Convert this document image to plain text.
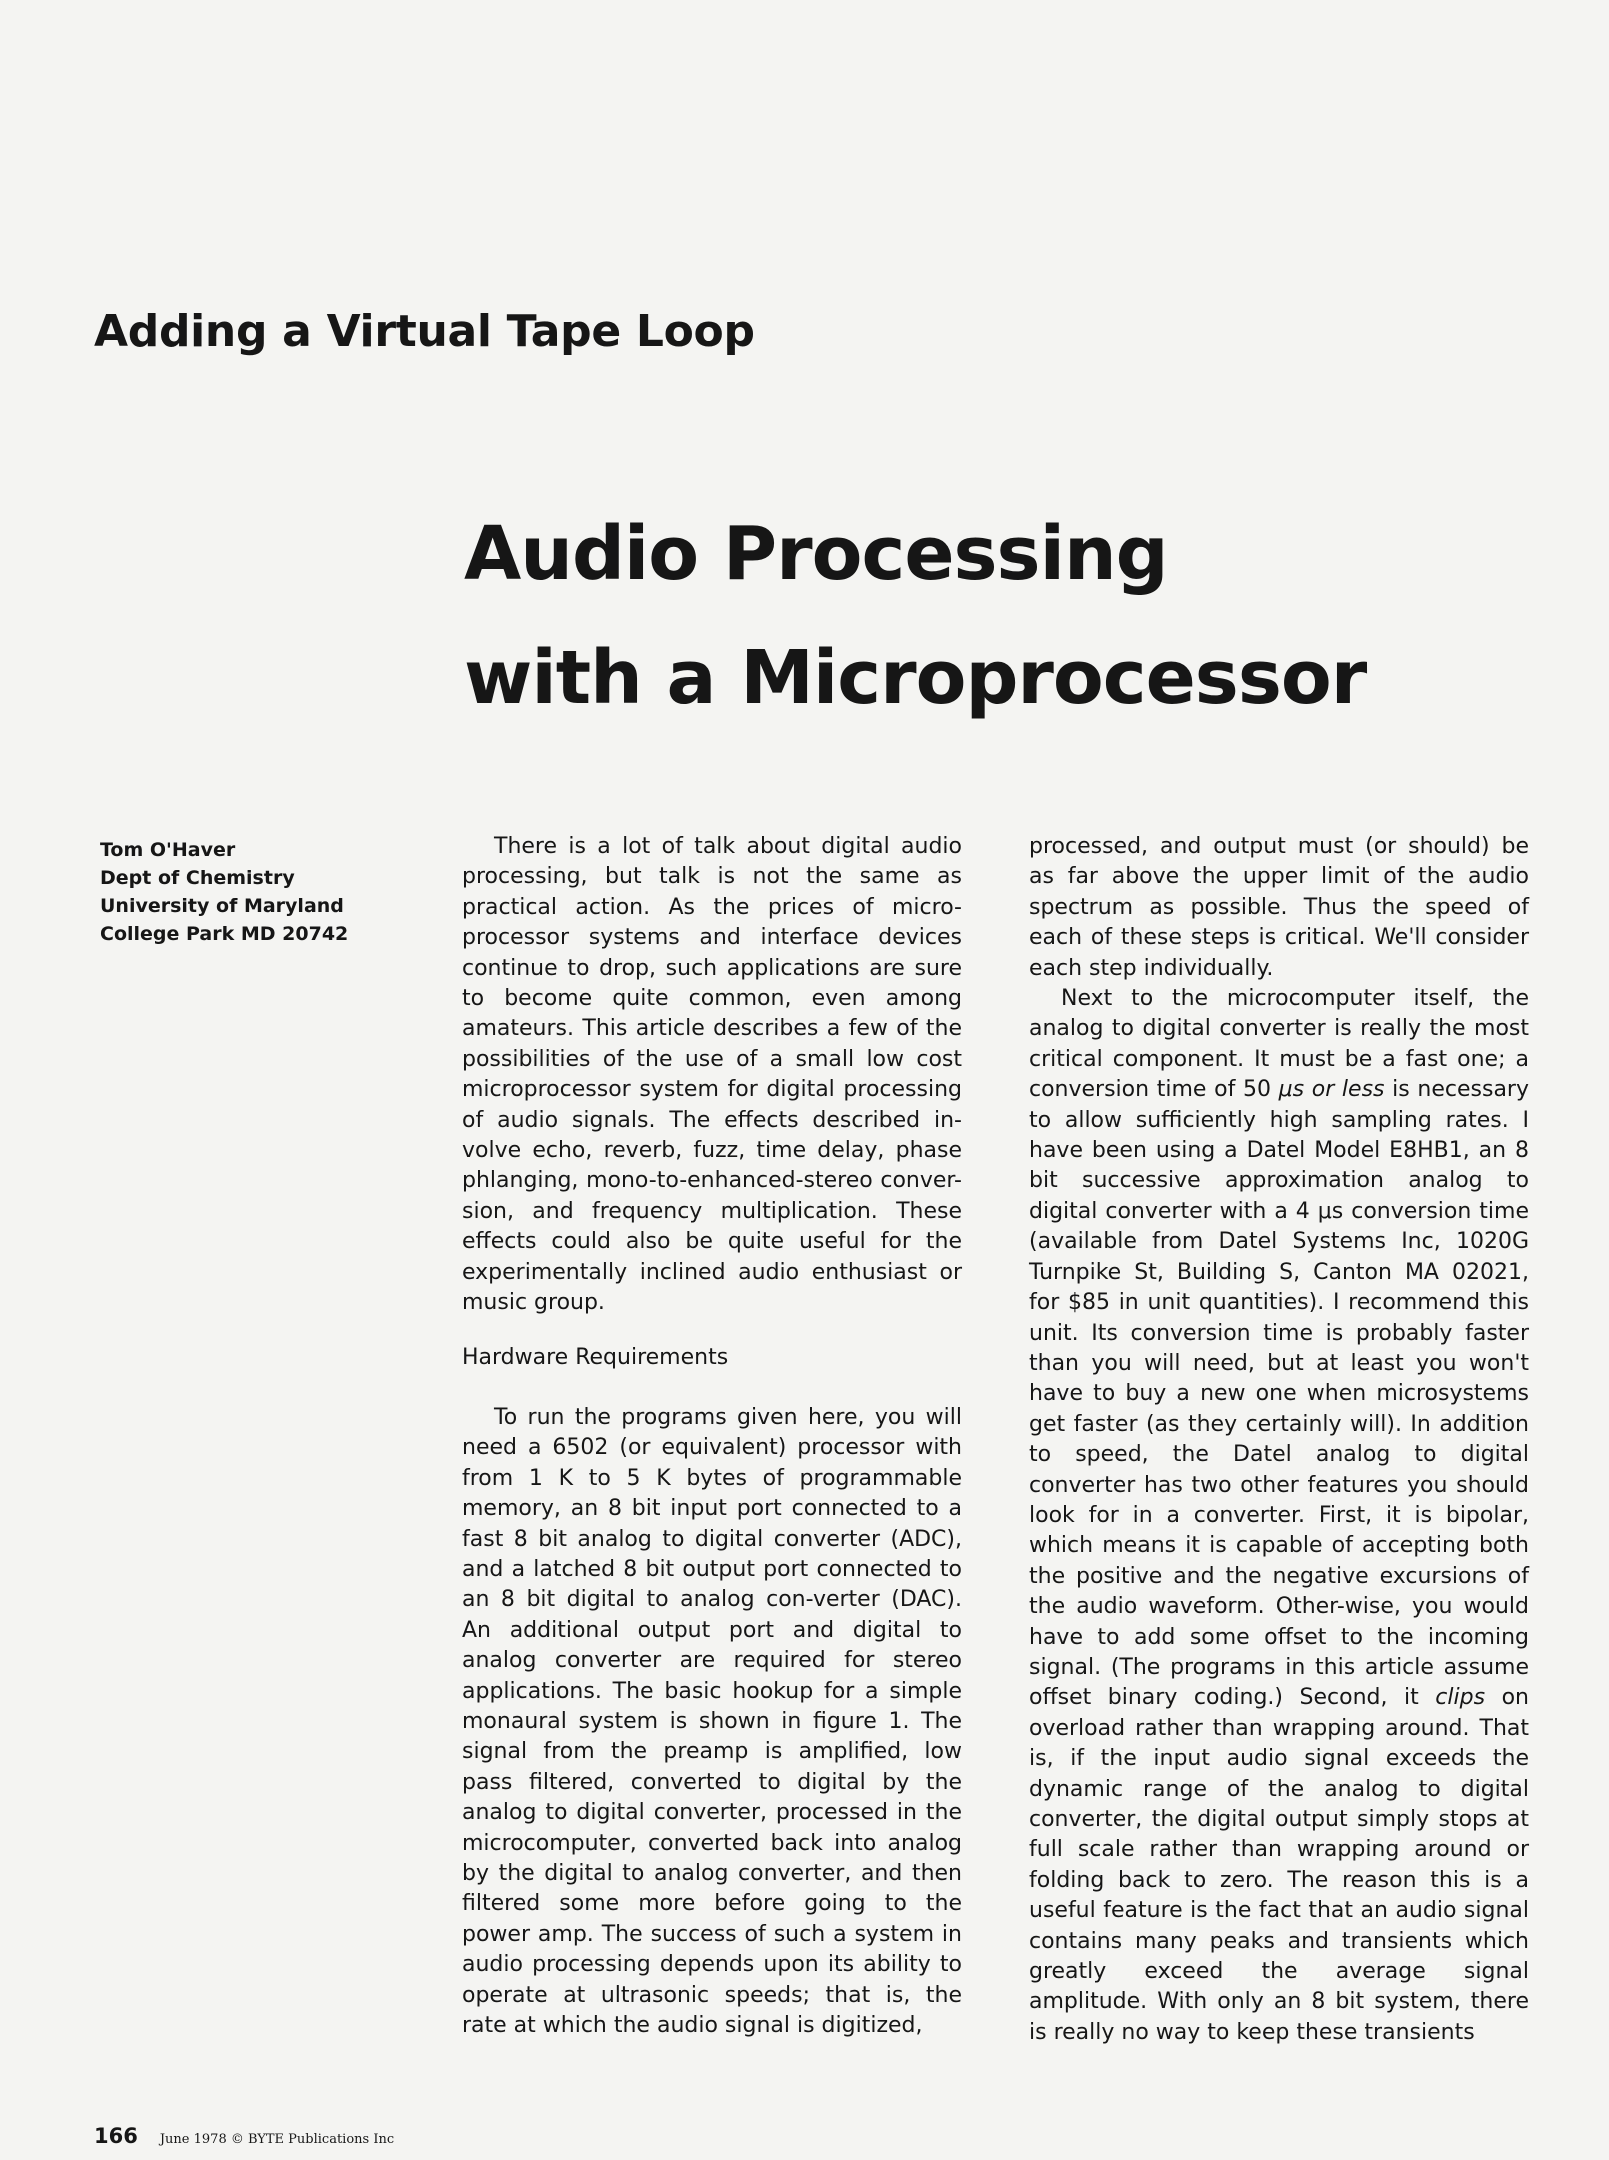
Adding a Virtual Tape Loop
Audio Processing
with a Microprocessor
Tom O'Haver
Dept of Chemistry
University of Maryland
College Park MD 20742

There is a lot of talk about digital audio processing, but talk is not the same as practical action. As the prices of micro-processor systems and interface devices continue to drop, such applications are sure to become quite common, even among amateurs. This article describes a few of the possibilities of the use of a small low cost microprocessor system for digital processing of audio signals. The effects described in-volve echo, reverb, fuzz, time delay, phase phlanging, mono-to-enhanced-stereo conver-sion, and frequency multiplication. These effects could also be quite useful for the experimentally inclined audio enthusiast or music group.

Hardware Requirements

To run the programs given here, you will need a 6502 (or equivalent) processor with from 1 K to 5 K bytes of programmable memory, an 8 bit input port connected to a fast 8 bit analog to digital converter (ADC), and a latched 8 bit output port connected to an 8 bit digital to analog con-verter (DAC). An additional output port and digital to analog converter are required for stereo applications. The basic hookup for a simple monaural system is shown in figure 1. The signal from the preamp is amplified, low pass filtered, converted to digital by the analog to digital converter, processed in the microcomputer, converted back into analog by the digital to analog converter, and then filtered some more before going to the power amp. The success of such a system in audio processing depends upon its ability to operate at ultrasonic speeds; that is, the rate at which the audio signal is digitized,

processed, and output must (or should) be as far above the upper limit of the audio spectrum as possible. Thus the speed of each of these steps is critical. We'll consider each step individually.

Next to the microcomputer itself, the analog to digital converter is really the most critical component. It must be a fast one; a conversion time of 50 μs or less is necessary to allow sufficiently high sampling rates. I have been using a Datel Model E8HB1, an 8 bit successive approximation analog to digital converter with a 4 μs conversion time (available from Datel Systems Inc, 1020G Turnpike St, Building S, Canton MA 02021, for $85 in unit quantities). I recommend this unit. Its conversion time is probably faster than you will need, but at least you won't have to buy a new one when microsystems get faster (as they certainly will). In addition to speed, the Datel analog to digital converter has two other features you should look for in a converter. First, it is bipolar, which means it is capable of accepting both the positive and the negative excursions of the audio waveform. Other-wise, you would have to add some offset to the incoming signal. (The programs in this article assume offset binary coding.) Second, it clips on overload rather than wrapping around. That is, if the input audio signal exceeds the dynamic range of the analog to digital converter, the digital output simply stops at full scale rather than wrapping around or folding back to zero. The reason this is a useful feature is the fact that an audio signal contains many peaks and transients which greatly exceed the average signal amplitude. With only an 8 bit system, there is really no way to keep these transients

166 June 1978 © BYTE Publications Inc
